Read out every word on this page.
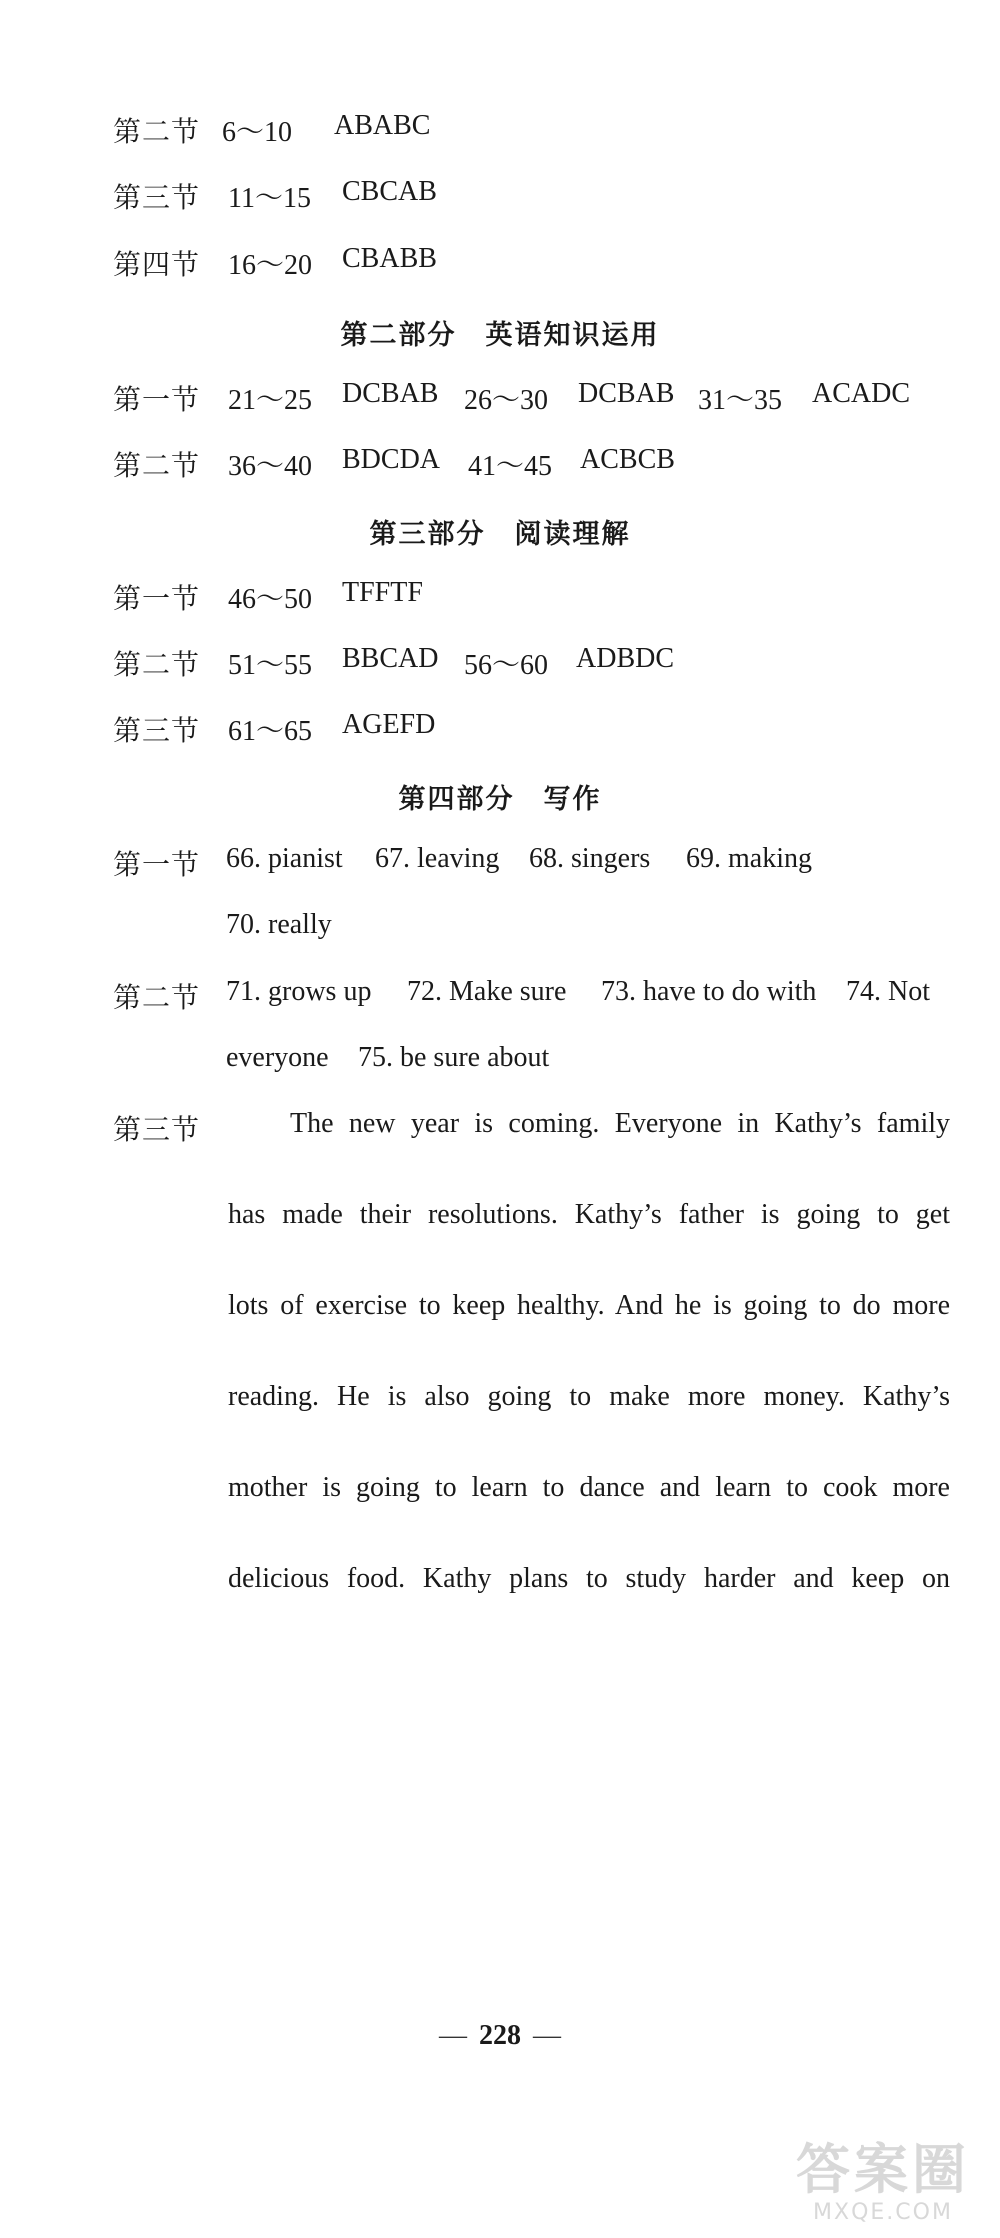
第二节 6～10 ABABC
第三节 11～15 CBCAB
第四节 16～20 CBABB
第二部分　英语知识运用
第一节 21～25 DCBAB 26～30 DCBAB 31～35 ACADC
第二节 36～40 BDCDA 41～45 ACBCB
第三部分　阅读理解
第一节 46～50 TFFTF
第二节 51～55 BBCAD 56～60 ADBDC
第三节 61～65 AGEFD
第四部分　写作
第一节 66. pianist 67. leaving 68. singers 69. making
70. really
第二节 71. grows up 72. Make sure 73. have to do with 74. Not
everyone 75. be sure about
第三节	The new year is coming. Everyone in Kathy’s family
has made their resolutions. Kathy’s father is going to get
lots of exercise to keep healthy. And he is going to do more
reading. He is also going to make more money. Kathy’s
mother is going to learn to dance and learn to cook more
delicious food. Kathy plans to study harder and keep on
— 228 —
答案圈
MXQE.COM
